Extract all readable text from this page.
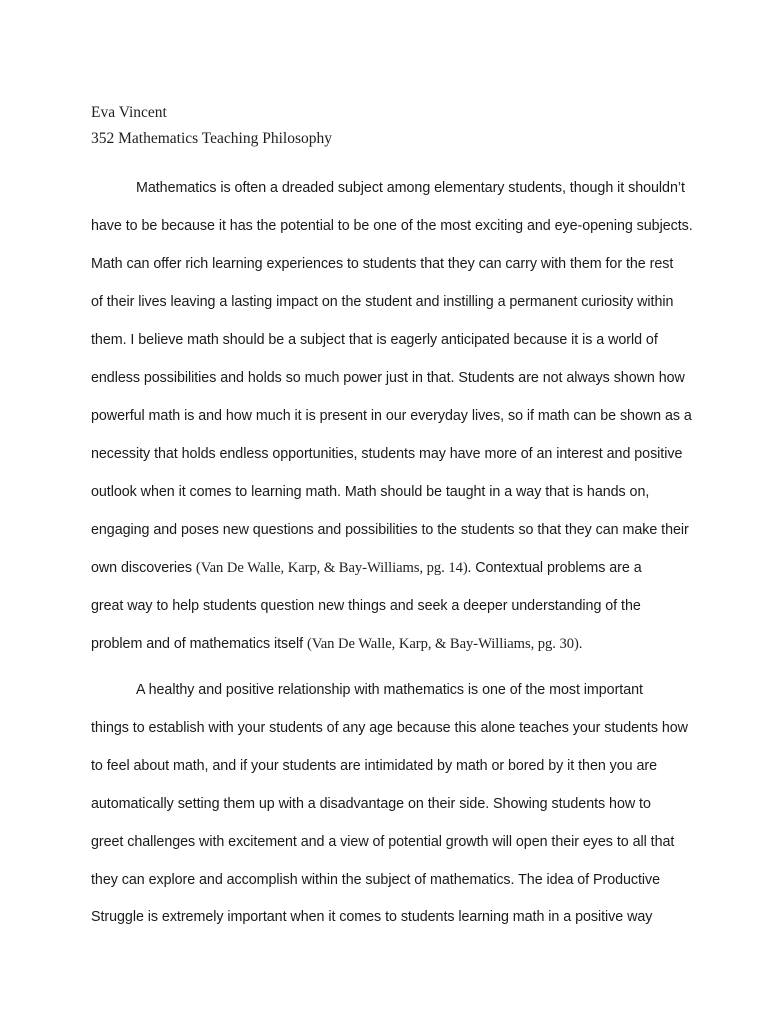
Eva Vincent
352 Mathematics Teaching Philosophy
Mathematics is often a dreaded subject among elementary students, though it shouldn’t
have to be because it has the potential to be one of the most exciting and eye-opening subjects.
Math can offer rich learning experiences to students that they can carry with them for the rest
of their lives leaving a lasting impact on the student and instilling a permanent curiosity within
them. I believe math should be a subject that is eagerly anticipated because it is a world of
endless possibilities and holds so much power just in that. Students are not always shown how
powerful math is and how much it is present in our everyday lives, so if math can be shown as a
necessity that holds endless opportunities, students may have more of an interest and positive
outlook when it comes to learning math. Math should be taught in a way that is hands on,
engaging and poses new questions and possibilities to the students so that they can make their
own discoveries (Van De Walle, Karp, & Bay-Williams, pg. 14). Contextual problems are a
great way to help students question new things and seek a deeper understanding of the
problem and of mathematics itself (Van De Walle, Karp, & Bay-Williams, pg. 30).
A healthy and positive relationship with mathematics is one of the most important
things to establish with your students of any age because this alone teaches your students how
to feel about math, and if your students are intimidated by math or bored by it then you are
automatically setting them up with a disadvantage on their side. Showing students how to
greet challenges with excitement and a view of potential growth will open their eyes to all that
they can explore and accomplish within the subject of mathematics. The idea of Productive
Struggle is extremely important when it comes to students learning math in a positive way
